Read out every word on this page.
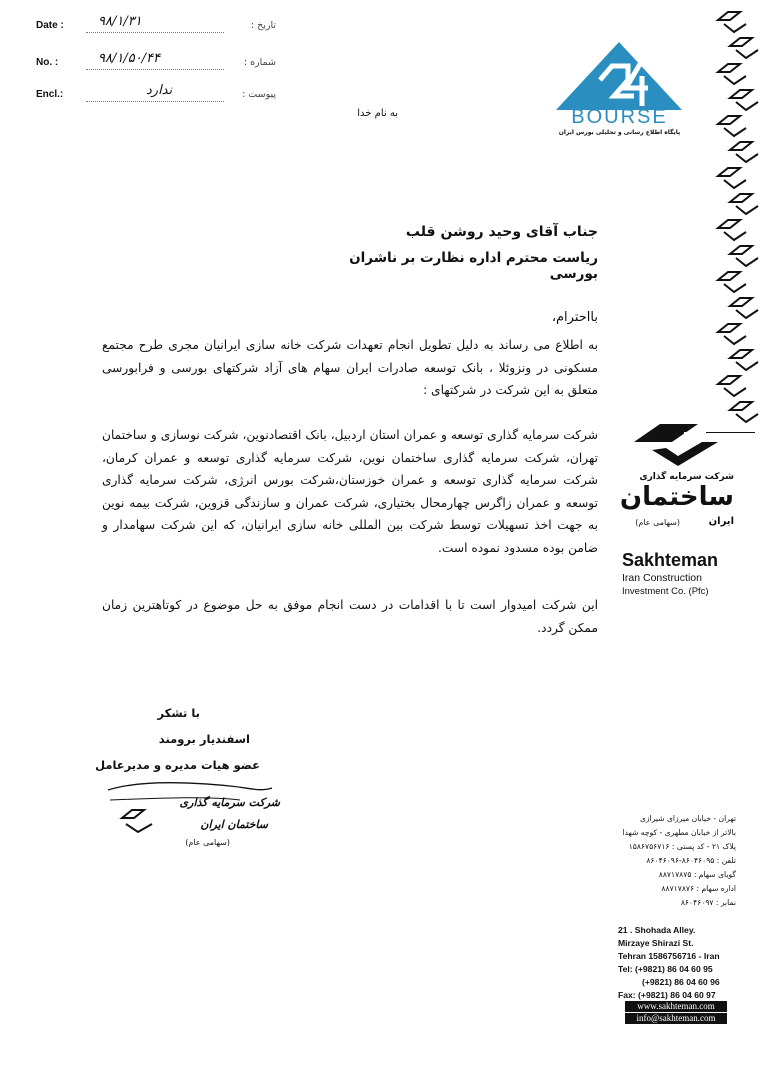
Date :	۹۸/۱/۳۱	تاریخ :
No. :	۹۸/۱/۵۰/۴۴	شماره :
Encl.:	ندارد	پیوست :
BOURSE
پایگاه اطلاع رسانی و تحلیلی بورس ایران
به نام خدا
جناب آقای وحید روشن قلب
ریاست محترم اداره نظارت بر ناشران بورسی
بااحترام،
به اطلاع می رساند به دلیل تطویل انجام تعهدات شرکت خانه سازی ایرانیان مجری طرح مجتمع مسکونی در ونزوئلا ، بانک توسعه صادرات ایران سهام های آزاد شرکتهای بورسی و فرابورسی متعلق به این شرکت در شرکتهای :
شرکت سرمایه گذاری توسعه و عمران استان اردبیل، بانک اقتصادنوین، شرکت نوسازی و ساختمان تهران، شرکت سرمایه گذاری ساختمان نوین، شرکت سرمایه گذاری توسعه و عمران کرمان، شرکت سرمایه گذاری توسعه و عمران خوزستان،شرکت بورس انرژی، شرکت سرمایه گذاری توسعه و عمران زاگرس چهارمحال بختیاری، شرکت عمران و سازندگی قزوین، شرکت بیمه نوین به جهت اخذ تسهیلات توسط شرکت بین المللی خانه سازی ایرانیان، که این شرکت سهامدار و ضامن بوده مسدود نموده است.
این شرکت امیدوار است تا با اقدامات در دست انجام موفق به حل موضوع در کوتاهترین زمان ممکن گردد.
شرکت سرمایه گذاری
ساختمان
ایران
(سهامی عام)
Sakhteman
Iran Construction
Investment Co. (Pfc)
با تشکر
اسفندیار برومند
عضو هیات مدیره و مدیرعامل
شرکت سرمایه گذاری
ساختمان ایران
(سهامی عام)
تهران - خیابان میرزای شیرازی
بالاتر از خیابان مطهری - کوچه شهدا
پلاک ۲۱ - کد پستی : ۱۵۸۶۷۵۶۷۱۶
تلفن : ۸۶۰۴۶۰۹۵-۸۶۰۴۶۰۹۶
گویای سهام : ۸۸۷۱۷۸۷۵
اداره سهام : ۸۸۷۱۷۸۷۶
نمابر : ۸۶۰۴۶۰۹۷
21 . Shohada Alley.
Mirzaye Shirazi St.
Tehran 1586756716 - Iran
Tel: (+9821) 86 04 60 95
(+9821) 86 04 60 96
Fax: (+9821) 86 04 60 97
www.sakhteman.com
info@sakhteman.com
